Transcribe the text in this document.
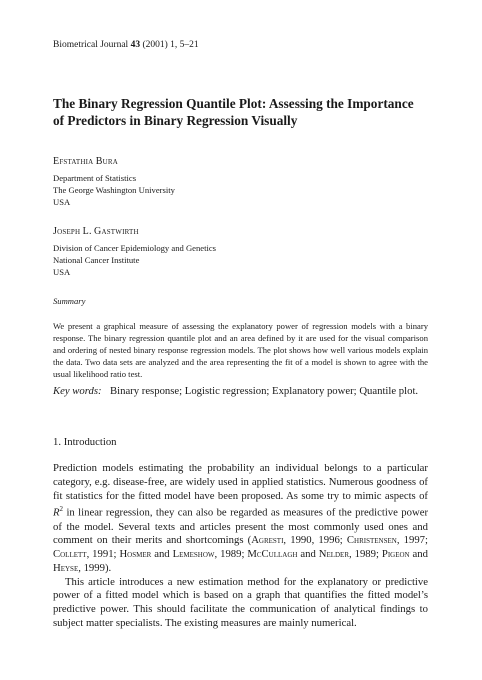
Biometrical Journal 43 (2001) 1, 5–21
The Binary Regression Quantile Plot: Assessing the Importance
of Predictors in Binary Regression Visually
EFSTATHIA BURA
Department of Statistics
The George Washington University
USA
JOSEPH L. GASTWIRTH
Division of Cancer Epidemiology and Genetics
National Cancer Institute
USA
Summary
We present a graphical measure of assessing the explanatory power of regression models with a binary response. The binary regression quantile plot and an area defined by it are used for the visual comparison and ordering of nested binary response regression models. The plot shows how well various models explain the data. Two data sets are analyzed and the area representing the fit of a model is shown to agree with the usual likelihood ratio test.
Key words: Binary response; Logistic regression; Explanatory power; Quantile plot.
1. Introduction

Prediction models estimating the probability an individual belongs to a particular category, e.g. disease-free, are widely used in applied statistics. Numerous goodness of fit statistics for the fitted model have been proposed. As some try to mimic aspects of $R^2$ in linear regression, they can also be regarded as measures of the predictive power of the model. Several texts and articles present the most commonly used ones and comment on their merits and shortcomings (Agresti, 1990, 1996; Christensen, 1997; Collett, 1991; Hosmer and Lemeshow, 1989; McCullagh and Nelder, 1989; Pigeon and Heyse, 1999).

This article introduces a new estimation method for the explanatory or predictive power of a fitted model which is based on a graph that quantifies the fitted model’s predictive power. This should facilitate the communication of analytical findings to subject matter specialists. The existing measures are mainly numerical.
